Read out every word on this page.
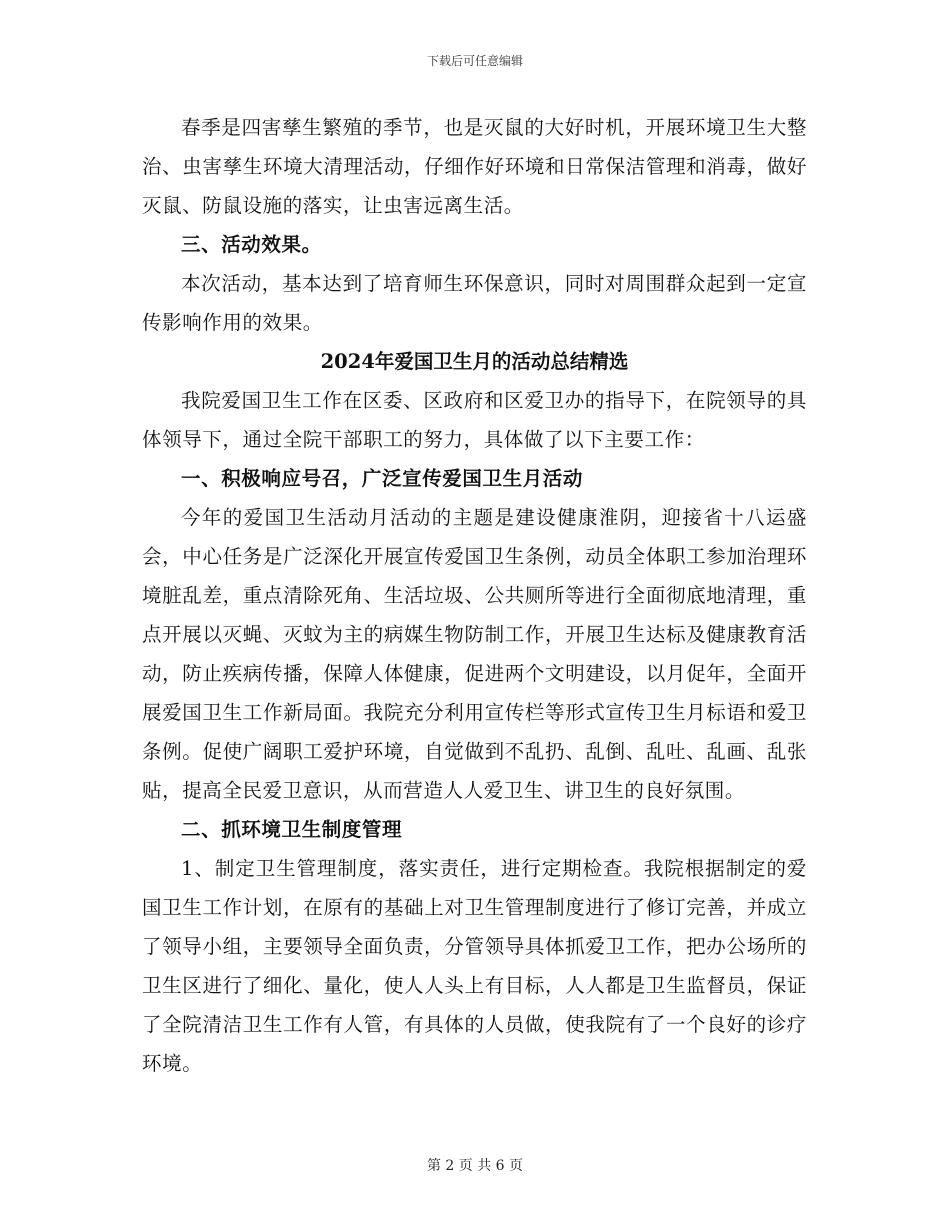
下载后可任意编辑

春季是四害孳生繁殖的季节，也是灭鼠的大好时机，开展环境卫生大整治、虫害孳生环境大清理活动，仔细作好环境和日常保洁管理和消毒，做好灭鼠、防鼠设施的落实，让虫害远离生活。

三、活动效果。

本次活动，基本达到了培育师生环保意识，同时对周围群众起到一定宣传影响作用的效果。

2024年爱国卫生月的活动总结精选

我院爱国卫生工作在区委、区政府和区爱卫办的指导下，在院领导的具体领导下，通过全院干部职工的努力，具体做了以下主要工作：

一、积极响应号召，广泛宣传爱国卫生月活动

今年的爱国卫生活动月活动的主题是建设健康淮阴，迎接省十八运盛会，中心任务是广泛深化开展宣传爱国卫生条例，动员全体职工参加治理环境脏乱差，重点清除死角、生活垃圾、公共厕所等进行全面彻底地清理，重点开展以灭蝇、灭蚊为主的病媒生物防制工作，开展卫生达标及健康教育活动，防止疾病传播，保障人体健康，促进两个文明建设，以月促年，全面开展爱国卫生工作新局面。我院充分利用宣传栏等形式宣传卫生月标语和爱卫条例。促使广阔职工爱护环境，自觉做到不乱扔、乱倒、乱吐、乱画、乱张贴，提高全民爱卫意识，从而营造人人爱卫生、讲卫生的良好氛围。

二、抓环境卫生制度管理

1、制定卫生管理制度，落实责任，进行定期检查。我院根据制定的爱国卫生工作计划，在原有的基础上对卫生管理制度进行了修订完善，并成立了领导小组，主要领导全面负责，分管领导具体抓爱卫工作，把办公场所的卫生区进行了细化、量化，使人人头上有目标，人人都是卫生监督员，保证了全院清洁卫生工作有人管，有具体的人员做，使我院有了一个良好的诊疗环境。

第 2 页 共 6 页
